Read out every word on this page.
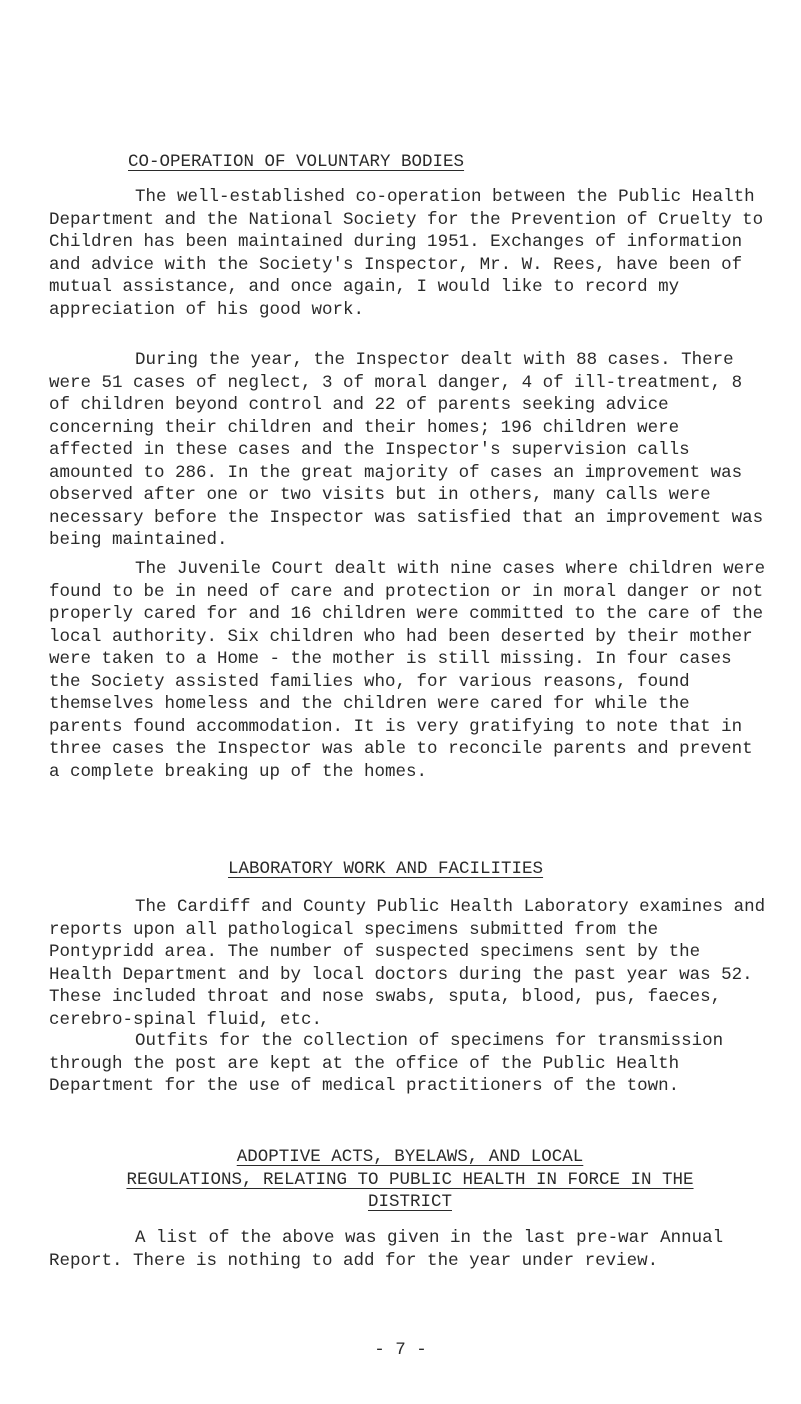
CO-OPERATION OF VOLUNTARY BODIES

The well-established co-operation between the Public Health Department and the National Society for the Prevention of Cruelty to Children has been maintained during 1951. Exchanges of information and advice with the Society's Inspector, Mr. W. Rees, have been of mutual assistance, and once again, I would like to record my appreciation of his good work.

During the year, the Inspector dealt with 88 cases. There were 51 cases of neglect, 3 of moral danger, 4 of ill-treatment, 8 of children beyond control and 22 of parents seeking advice concerning their children and their homes; 196 children were affected in these cases and the Inspector's supervision calls amounted to 286. In the great majority of cases an improvement was observed after one or two visits but in others, many calls were necessary before the Inspector was satisfied that an improvement was being maintained.

The Juvenile Court dealt with nine cases where children were found to be in need of care and protection or in moral danger or not properly cared for and 16 children were committed to the care of the local authority. Six children who had been deserted by their mother were taken to a Home - the mother is still missing. In four cases the Society assisted families who, for various reasons, found themselves homeless and the children were cared for while the parents found accommodation. It is very gratifying to note that in three cases the Inspector was able to reconcile parents and prevent a complete breaking up of the homes.

LABORATORY WORK AND FACILITIES

The Cardiff and County Public Health Laboratory examines and reports upon all pathological specimens submitted from the Pontypridd area. The number of suspected specimens sent by the Health Department and by local doctors during the past year was 52. These included throat and nose swabs, sputa, blood, pus, faeces, cerebro-spinal fluid, etc.

Outfits for the collection of specimens for transmission through the post are kept at the office of the Public Health Department for the use of medical practitioners of the town.

ADOPTIVE ACTS, BYELAWS, AND LOCAL
REGULATIONS, RELATING TO PUBLIC HEALTH IN FORCE IN THE
DISTRICT

A list of the above was given in the last pre-war Annual Report. There is nothing to add for the year under review.

- 7 -
